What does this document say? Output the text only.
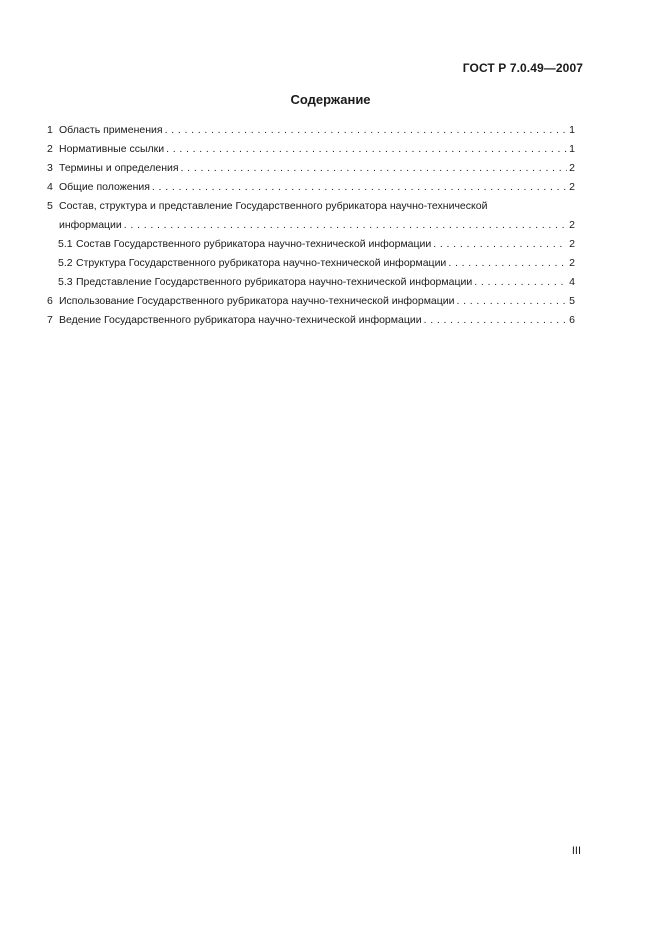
ГОСТ Р 7.0.49—2007
Содержание
1 Область применения . . .	1
2 Нормативные ссылки . . .	1
3 Термины и определения . . .	2
4 Общие положения . . .	2
5 Состав, структура и представление Государственного рубрикатора научно-технической
информации . . .	2
5.1 Состав Государственного рубрикатора научно-технической информации . . .	2
5.2 Структура Государственного рубрикатора научно-технической информации . . .	2
5.3 Представление Государственного рубрикатора научно-технической информации . . .	4
6 Использование Государственного рубрикатора научно-технической информации . . .	5
7 Ведение Государственного рубрикатора научно-технической информации . . .	6
III
